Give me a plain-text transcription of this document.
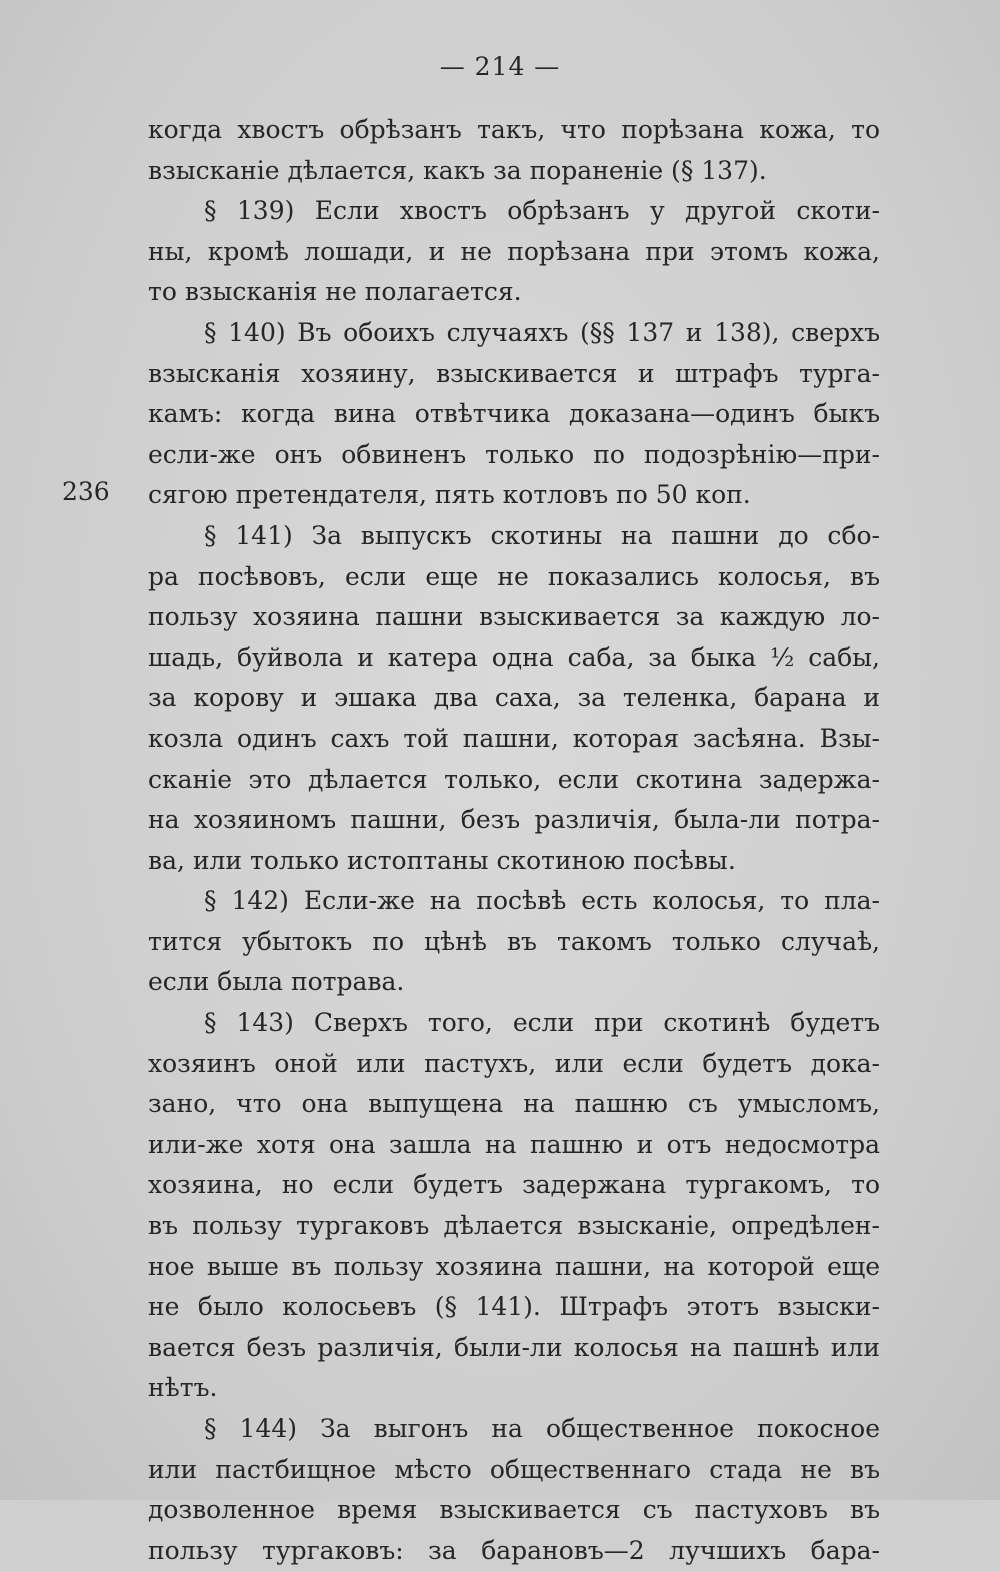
— 214 —
236
когда хвостъ обрѣзанъ такъ, что порѣзана кожа, то
взысканіе дѣлается, какъ за пораненіе (§ 137).
§ 139) Если хвостъ обрѣзанъ у другой скоти-
ны, кромѣ лошади, и не порѣзана при этомъ кожа,
то взысканія не полагается.
§ 140) Въ обоихъ случаяхъ (§§ 137 и 138), сверхъ
взысканія хозяину, взыскивается и штрафъ турга-
камъ: когда вина отвѣтчика доказана—одинъ быкъ
если-же онъ обвиненъ только по подозрѣнію—при-
сягою претендателя, пять котловъ по 50 коп.
§ 141) За выпускъ скотины на пашни до сбо-
ра посѣвовъ, если еще не показались колосья, въ
пользу хозяина пашни взыскивается за каждую ло-
шадь, буйвола и катера одна саба, за быка ½ сабы,
за корову и эшака два саха, за теленка, барана и
козла одинъ сахъ той пашни, которая засѣяна. Взы-
сканіе это дѣлается только, если скотина задержа-
на хозяиномъ пашни, безъ различія, была-ли потра-
ва, или только истоптаны скотиною посѣвы.
§ 142) Если-же на посѣвѣ есть колосья, то пла-
тится убытокъ по цѣнѣ въ такомъ только случаѣ,
если была потрава.
§ 143) Сверхъ того, если при скотинѣ будетъ
хозяинъ оной или пастухъ, или если будетъ дока-
зано, что она выпущена на пашню съ умысломъ,
или-же хотя она зашла на пашню и отъ недосмотра
хозяина, но если будетъ задержана тургакомъ, то
въ пользу тургаковъ дѣлается взысканіе, опредѣлен-
ное выше въ пользу хозяина пашни, на которой еще
не было колосьевъ (§ 141). Штрафъ этотъ взыски-
вается безъ различія, были-ли колосья на пашнѣ или
нѣтъ.
§ 144) За выгонъ на общественное покосное
или пастбищное мѣсто общественнаго стада не въ
дозволенное время взыскивается съ пастуховъ въ
пользу тургаковъ: за барановъ—2 лучшихъ бара-
